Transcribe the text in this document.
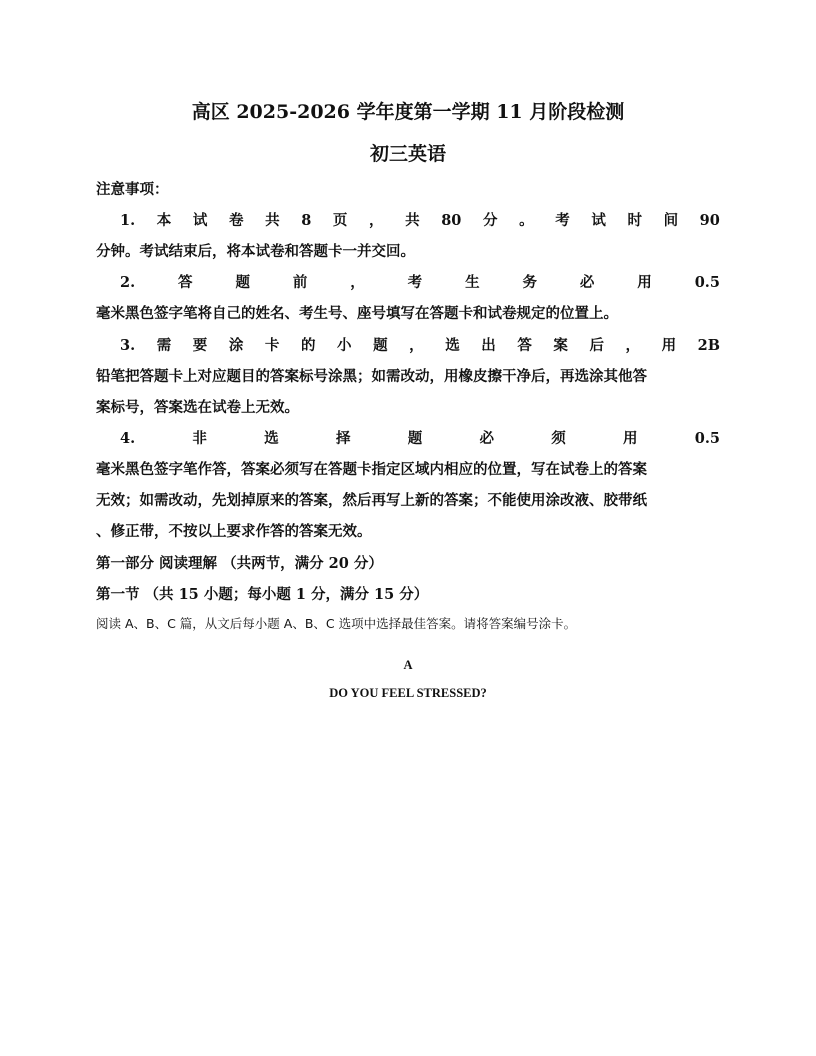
高区 2025-2026 学年度第一学期 11 月阶段检测
初三英语
注意事项：
1. 本 试 卷 共 8 页 ， 共 80 分 。 考 试 时 间 90
分钟。考试结束后，将本试卷和答题卡一并交回。
2.	答	题	前	，	考	生	务	必	用	0.5
毫米黑色签字笔将自己的姓名、考生号、座号填写在答题卡和试卷规定的位置上。
3. 需 要 涂 卡 的 小 题 ， 选 出 答 案 后 ， 用 2B
铅笔把答题卡上对应题目的答案标号涂黑；如需改动，用橡皮擦干净后，再选涂其他答
案标号，答案选在试卷上无效。
4.	非	选	择	题	必	须	用	0.5
毫米黑色签字笔作答，答案必须写在答题卡指定区域内相应的位置，写在试卷上的答案
无效；如需改动，先划掉原来的答案，然后再写上新的答案；不能使用涂改液、胶带纸
、修正带，不按以上要求作答的答案无效。
第一部分 阅读理解 （共两节，满分 20 分）
第一节 （共 15 小题；每小题 1 分，满分 15 分）
阅读 A、B、C 篇，从文后每小题 A、B、C 选项中选择最佳答案。请将答案编号涂卡。
A
DO YOU FEEL STRESSED?
